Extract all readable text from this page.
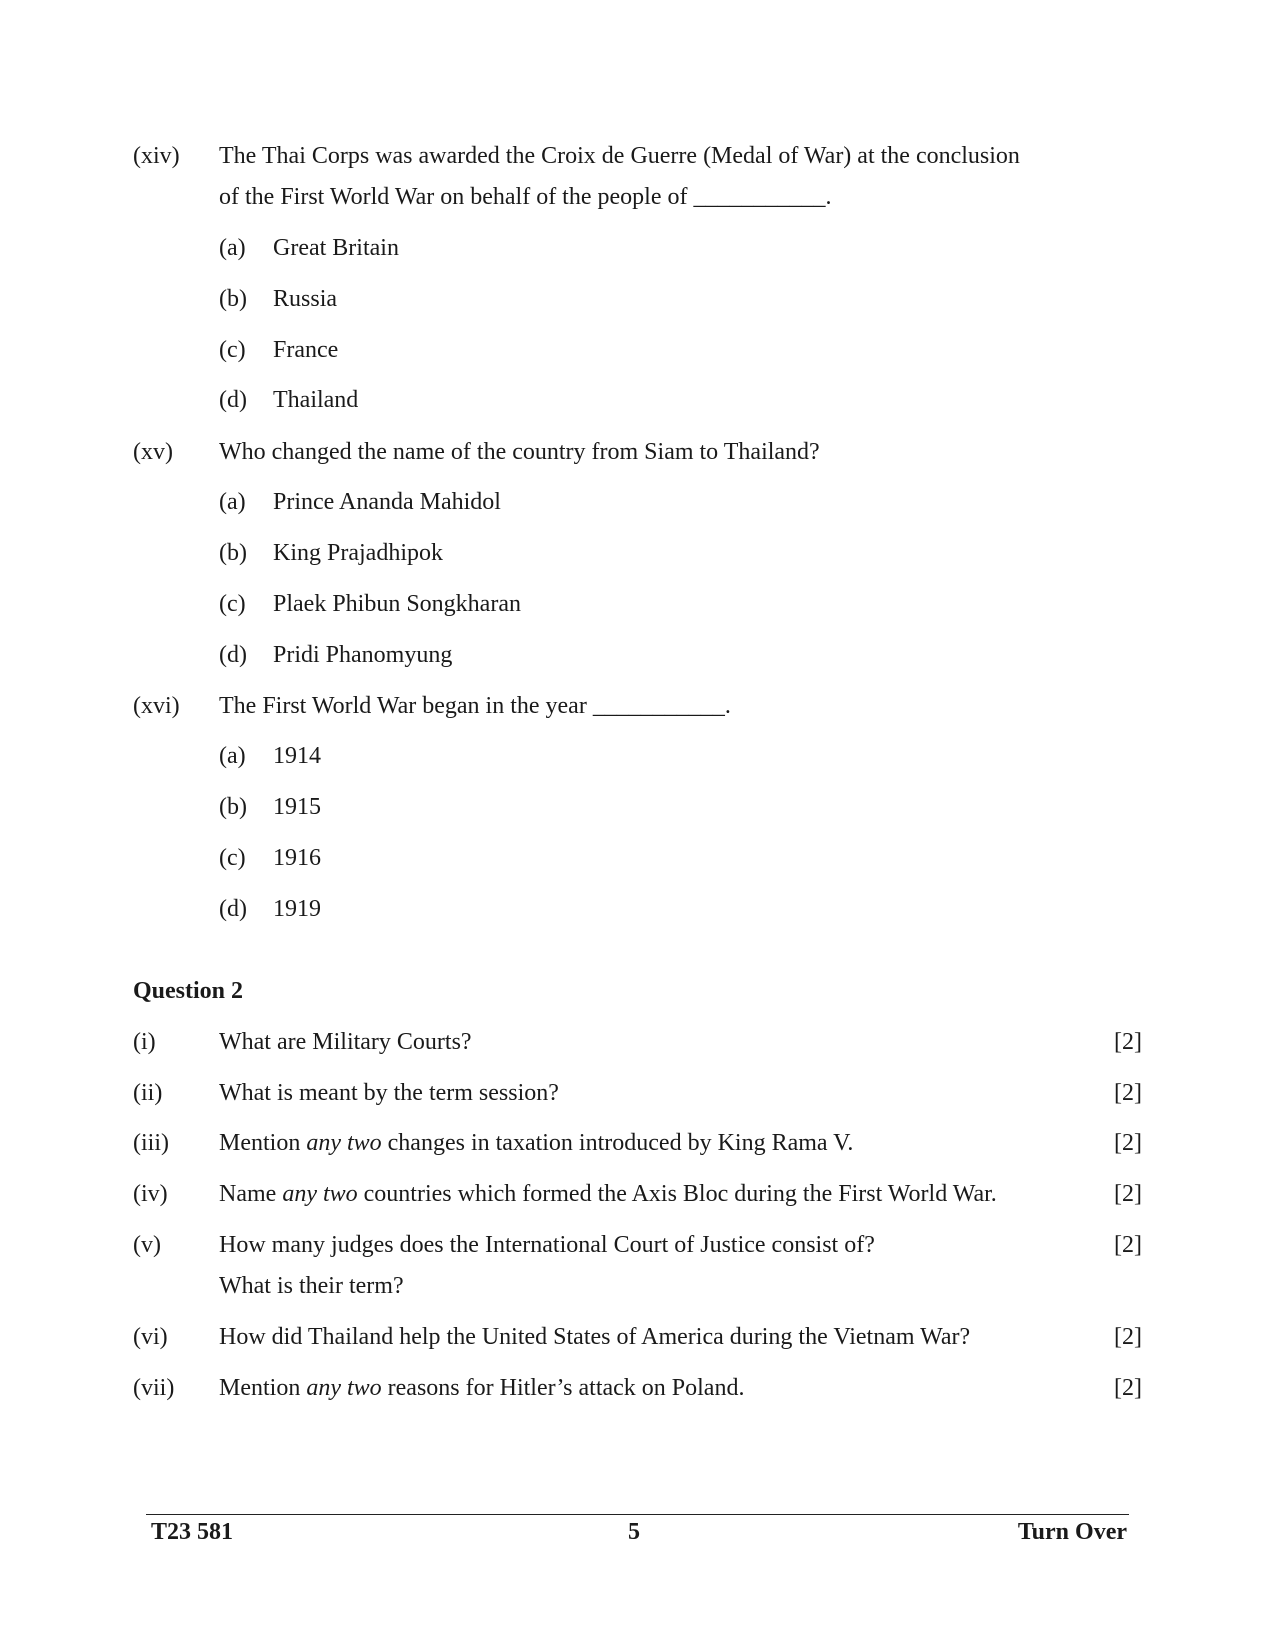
(xiv) The Thai Corps was awarded the Croix de Guerre (Medal of War) at the conclusion
of the First World War on behalf of the people of ___________.
(a) Great Britain
(b) Russia
(c) France
(d) Thailand
(xv) Who changed the name of the country from Siam to Thailand?
(a) Prince Ananda Mahidol
(b) King Prajadhipok
(c) Plaek Phibun Songkharan
(d) Pridi Phanomyung
(xvi) The First World War began in the year ___________.
(a) 1914
(b) 1915
(c) 1916
(d) 1919
Question 2
(i)	What are Military Courts?	[2]
(ii) What is meant by the term session?	[2]
(iii) Mention any two changes in taxation introduced by King Rama V.	[2]
(iv) Name any two countries which formed the Axis Bloc during the First World War.	[2]
(v) How many judges does the International Court of Justice consist of?
What is their term?
[2]
(vi) How did Thailand help the United States of America during the Vietnam War?	[2]
(vii) Mention any two reasons for Hitler’s attack on Poland.	[2]
T23 581	5	Turn Over
